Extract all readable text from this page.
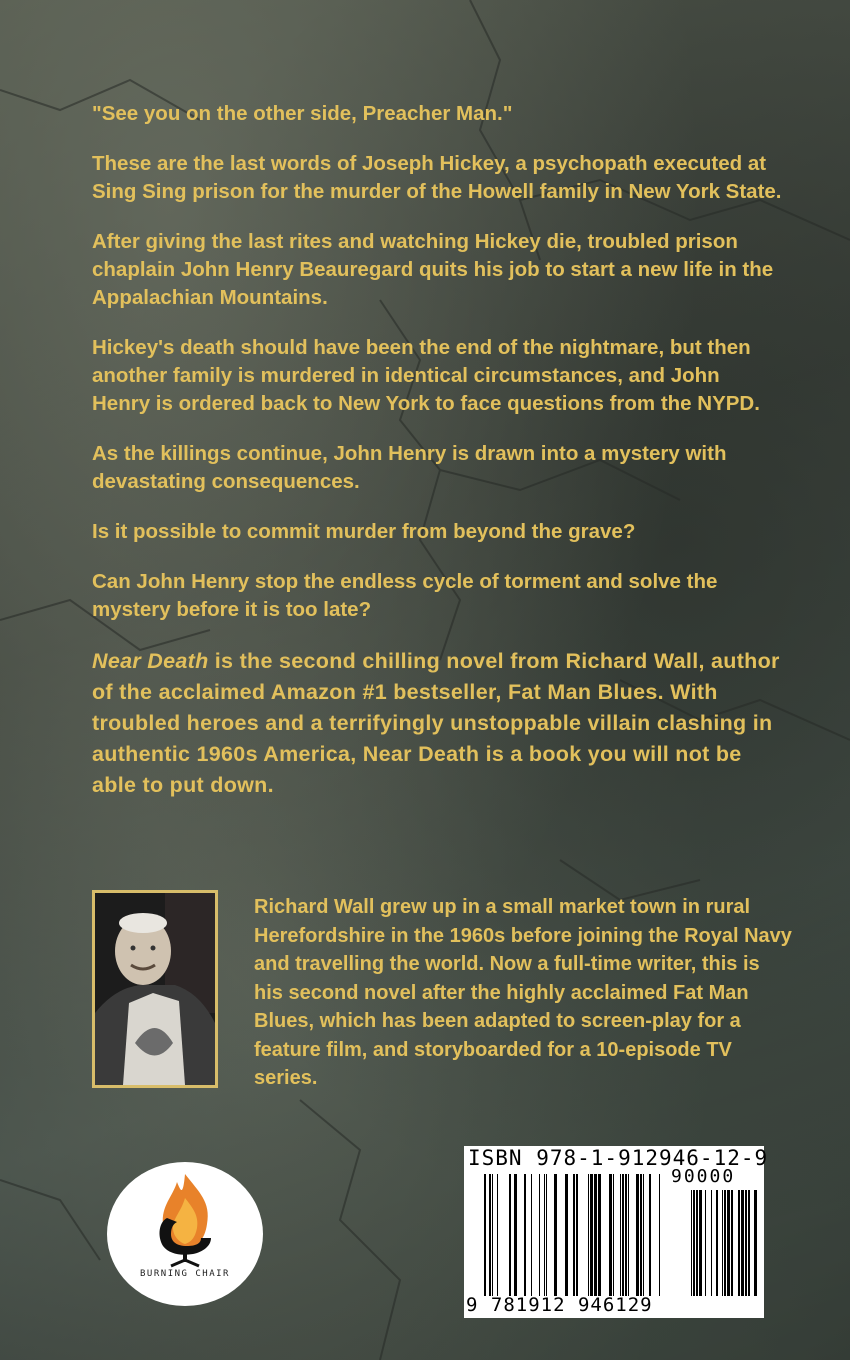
"See you on the other side, Preacher Man."

These are the last words of Joseph Hickey, a psychopath executed at Sing Sing prison for the murder of the Howell family in New York State.

After giving the last rites and watching Hickey die, troubled prison chaplain John Henry Beauregard quits his job to start a new life in the Appalachian Mountains.

Hickey's death should have been the end of the nightmare, but then another family is murdered in identical circumstances, and John Henry is ordered back to New York to face questions from the NYPD.

As the killings continue, John Henry is drawn into a mystery with devastating consequences.

Is it possible to commit murder from beyond the grave?

Can John Henry stop the endless cycle of torment and solve the mystery before it is too late?

Near Death is the second chilling novel from Richard Wall, author of the acclaimed Amazon #1 bestseller, Fat Man Blues. With troubled heroes and a terrifyingly unstoppable villain clashing in authentic 1960s America, Near Death is a book you will not be able to put down.

Richard Wall grew up in a small market town in rural Herefordshire in the 1960s before joining the Royal Navy and travelling the world. Now a full-time writer, this is his second novel after the highly acclaimed Fat Man Blues, which has been adapted to screen-play for a feature film, and storyboarded for a 10-episode TV series.
BURNING CHAIR
ISBN 978-1-912946-12-9
90000
9 781912 946129
